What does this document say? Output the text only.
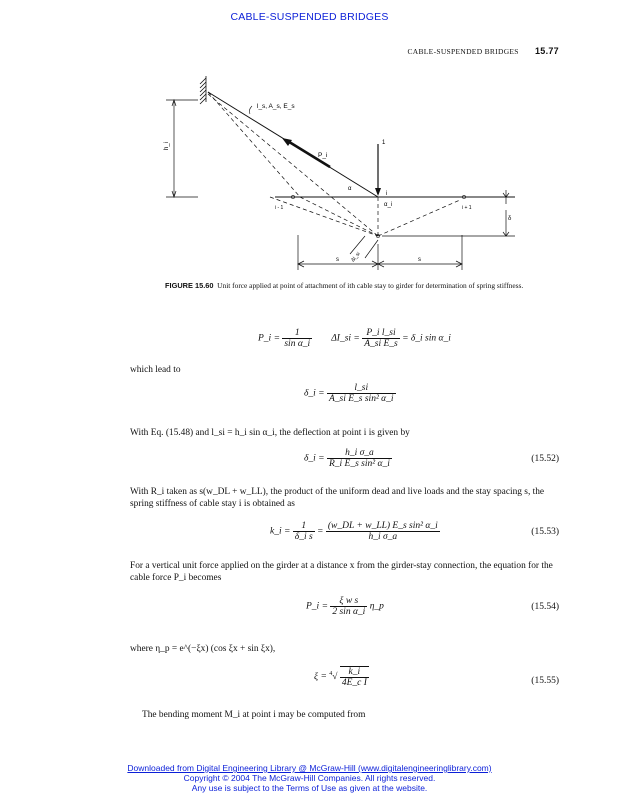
CABLE-SUSPENDED BRIDGES
CABLE-SUSPENDED BRIDGES 15.77
h_i
P_i
l_s, A_s, E_s
1
α
α_i
i
i - 1	i + 1
δ
Δl_si
s	s
FIGURE 15.60 Unit force applied at point of attachment of ith cable stay to girder for determination of spring stiffness.
P_i = $\frac{1}{\text{sin α\_i}}$ ΔI_si = $\frac{\text{P\_i l\_si}}{\text{A\_si E\_s}}$ = δ_i sin α_i
which lead to
δ_i = $\frac{l\_si}{\text{A\_si E\_s sin² α\_i}}$
With Eq. (15.48) and l_si = h_i sin α_i, the deflection at point i is given by
δ_i = $\frac{\text{h\_i σ\_a}}{\text{R\_i E\_s sin² α\_i}}$	(15.52)
With R_i taken as s(w_DL + w_LL), the product of the uniform dead and live loads and the stay spacing s, the spring stiffness of cable stay i is obtained as
k_i = $\frac{1}{\text{δ\_i s}} = \frac{\text{(w\_DL + w\_LL) E\_s sin² α\_i}}{\text{h\_i σ\_a}}$	(15.53)
For a vertical unit force applied on the girder at a distance x from the girder-stay connection, the equation for the cable force P_i becomes
P_i = $\frac{\text{ξ w s}}{\text{2 sin α\_i}}$ η_p	(15.54)
where η_p = e^(−ξx) (cos ξx + sin ξx),
$\xi = ^4√ \frac{k\_i}{\text{4E\_c I}}$	(15.55)
The bending moment M_i at point i may be computed from
Downloaded from Digital Engineering Library @ McGraw-Hill (www.digitalengineeringlibrary.com)
Copyright © 2004 The McGraw-Hill Companies. All rights reserved.
Any use is subject to the Terms of Use as given at the website.
